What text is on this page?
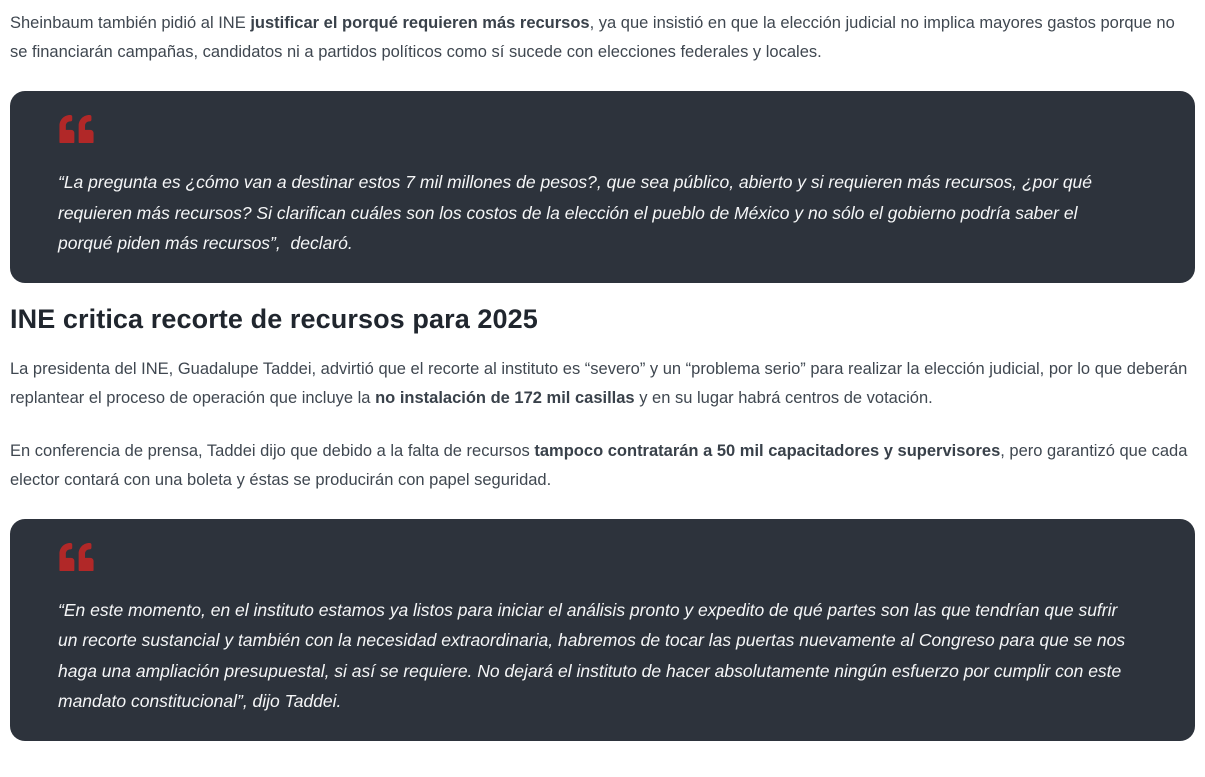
Sheinbaum también pidió al INE justificar el porqué requieren más recursos, ya que insistió en que la elección judicial no implica mayores gastos porque no se financiarán campañas, candidatos ni a partidos políticos como sí sucede con elecciones federales y locales.

“La pregunta es ¿cómo van a destinar estos 7 mil millones de pesos?, que sea público, abierto y si requieren más recursos, ¿por qué requieren más recursos? Si clarifican cuáles son los costos de la elección el pueblo de México y no sólo el gobierno podría saber el porqué piden más recursos”,  declaró.

INE critica recorte de recursos para 2025

La presidenta del INE, Guadalupe Taddei, advirtió que el recorte al instituto es “severo” y un “problema serio” para realizar la elección judicial, por lo que deberán replantear el proceso de operación que incluye la no instalación de 172 mil casillas y en su lugar habrá centros de votación.

En conferencia de prensa, Taddei dijo que debido a la falta de recursos tampoco contratarán a 50 mil capacitadores y supervisores, pero garantizó que cada elector contará con una boleta y éstas se producirán con papel seguridad.

“En este momento, en el instituto estamos ya listos para iniciar el análisis pronto y expedito de qué partes son las que tendrían que sufrir un recorte sustancial y también con la necesidad extraordinaria, habremos de tocar las puertas nuevamente al Congreso para que se nos haga una ampliación presupuestal, si así se requiere. No dejará el instituto de hacer absolutamente ningún esfuerzo por cumplir con este mandato constitucional”, dijo Taddei.
